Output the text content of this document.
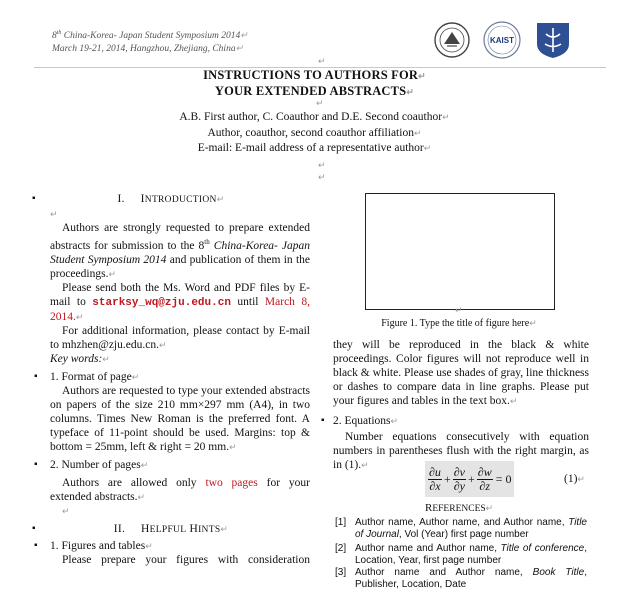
8th China-Korea- Japan Student Symposium 2014↵
March 19-21, 2014, Hangzhou, Zhejiang, China↵
KAIST
↵
INSTRUCTIONS TO AUTHORS FOR↵
YOUR EXTENDED ABSTRACTS↵
↵
A.B. First author, C. Coauthor and D.E. Second coauthor↵
Author, coauthor, second coauthor affiliation↵
E-mail: E-mail address of a representative author↵
↵
↵
▪	I. INTRODUCTION↵
↵

Authors are strongly requested to prepare extended abstracts for submission to the 8th China-Korea- Japan Student Symposium 2014 and publication of them in the proceedings.↵

Please send both the Ms. Word and PDF files by E-mail to starksy_wq@zju.edu.cn until March 8, 2014.↵

For additional information, please contact by E-mail to mhzhen@zju.edu.cn.↵

Key words:↵

▪ 1. Format of page↵

Authors are requested to type your extended abstracts on papers of the size 210 mm×297 mm (A4), in two columns. Times New Roman is the preferred font. A typeface of 11-point should be used. Margins: top & bottom = 25mm, left & right = 20 mm.↵

▪ 2. Number of pages↵

Authors are allowed only two pages for your extended abstracts.↵

↵
▪	II. HELPFUL HINTS↵
▪ 1. Figures and tables↵

Please prepare your figures with consideration

Figure 1. Type the title of figure here↵
↵

they will be reproduced in the black & white proceedings. Color figures will not reproduce well in black & white. Please use shades of gray, line thickness or dashes to compare data in line graphs. Please put your figures and tables in the text box.↵

▪ 2. Equations↵

Number equations consecutively with equation numbers in parentheses flush with the right margin, as in (1).↵	∂u
$\partial x + \frac{\partial v}{\partial y} + \frac{\partial w}{\partial z} = 0$	(1)↵
REFERENCES↵
[1] Author name, Author name, and Author name, Title of Journal, Vol (Year) first page number
[2] Author name and Author name, Title of conference, Location, Year, first page number
[3] Author name and Author name, Book Title, Publisher, Location, Date
